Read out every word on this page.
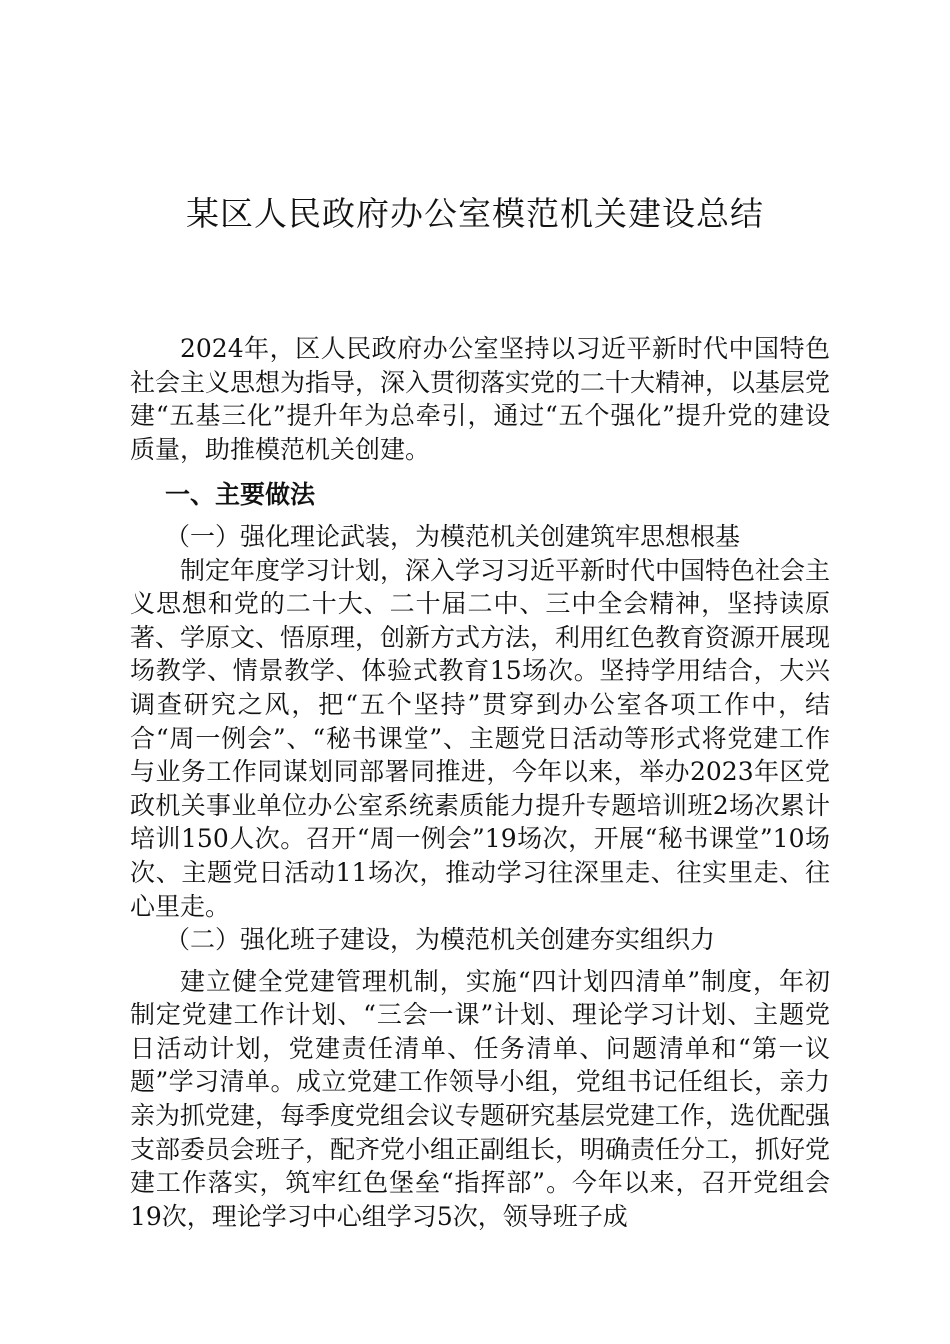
某区人民政府办公室模范机关建设总结

2024年，区人民政府办公室坚持以习近平新时代中国特色社会主义思想为指导，深入贯彻落实党的二十大精神，以基层党建“五基三化”提升年为总牵引，通过“五个强化”提升党的建设质量，助推模范机关创建。

一、主要做法
（一）强化理论武装，为模范机关创建筑牢思想根基

制定年度学习计划，深入学习习近平新时代中国特色社会主义思想和党的二十大、二十届二中、三中全会精神，坚持读原著、学原文、悟原理，创新方式方法，利用红色教育资源开展现场教学、情景教学、体验式教育15场次。坚持学用结合，大兴调查研究之风，把“五个坚持”贯穿到办公室各项工作中，结合“周一例会”、“秘书课堂”、主题党日活动等形式将党建工作与业务工作同谋划同部署同推进，今年以来，举办2023年区党政机关事业单位办公室系统素质能力提升专题培训班2场次累计培训150人次。召开“周一例会”19场次，开展“秘书课堂”10场次、主题党日活动11场次，推动学习往深里走、往实里走、往心里走。

（二）强化班子建设，为模范机关创建夯实组织力

建立健全党建管理机制，实施“四计划四清单”制度，年初制定党建工作计划、“三会一课”计划、理论学习计划、主题党日活动计划，党建责任清单、任务清单、问题清单和“第一议题”学习清单。成立党建工作领导小组，党组书记任组长，亲力亲为抓党建，每季度党组会议专题研究基层党建工作，选优配强支部委员会班子，配齐党小组正副组长，明确责任分工，抓好党建工作落实，筑牢红色堡垒“指挥部”。今年以来，召开党组会19次，理论学习中心组学习5次，领导班子成
